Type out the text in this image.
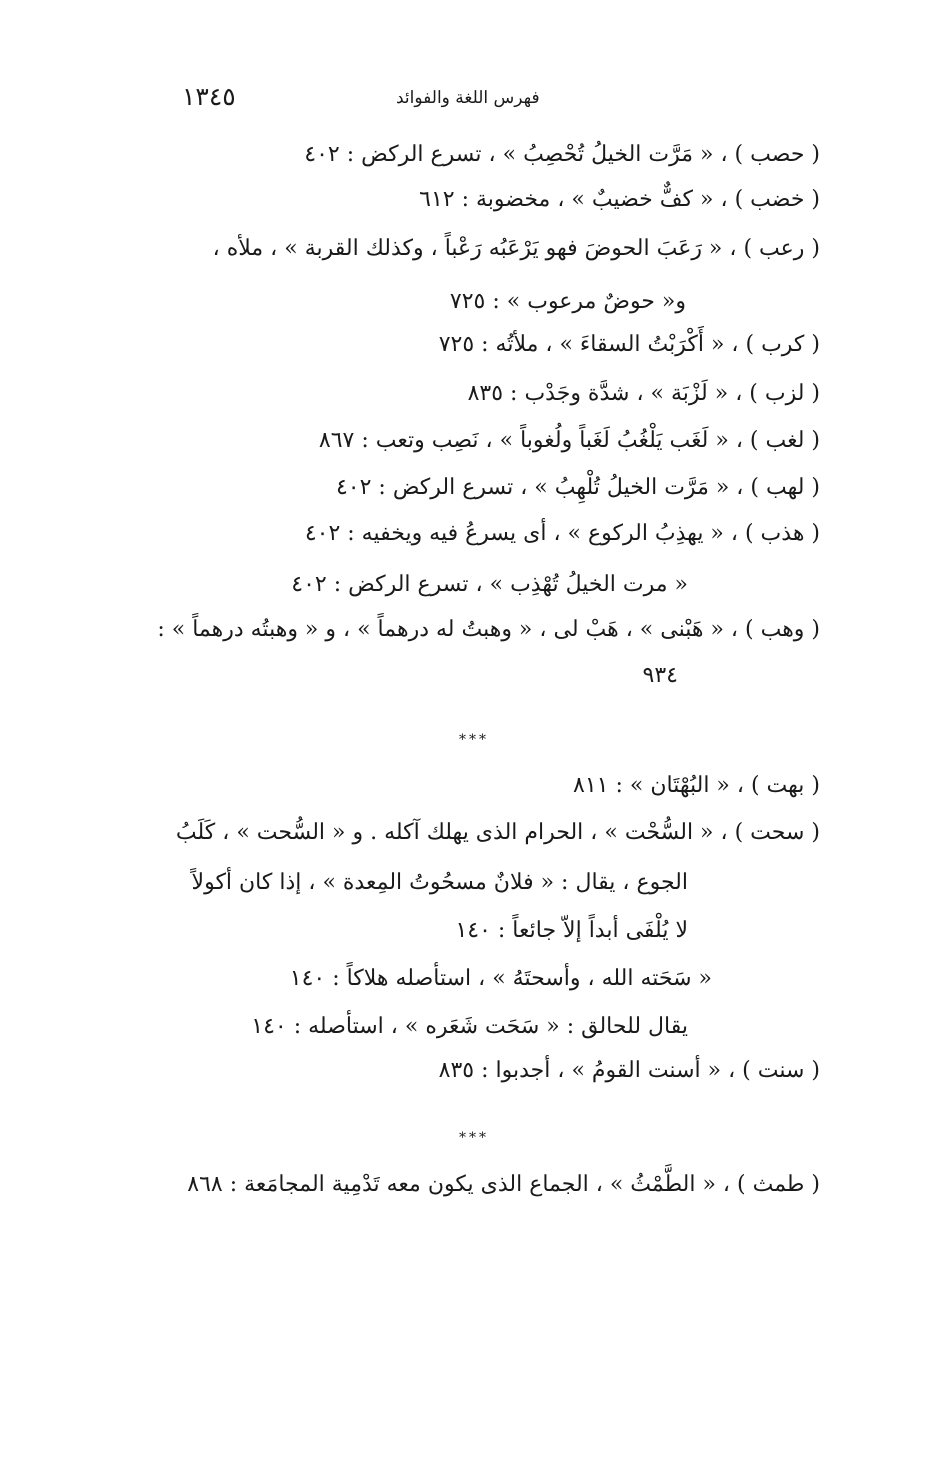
١٣٤٥	فهرس اللغة والفوائد
( حصب ) ، « مَرَّت الخيلُ تُحْصِبُ » ، تسرع الركض : ٤٠٢
( خضب ) ، « كفٌّ خضيبٌ » ، مخضوبة : ٦١٢
( رعب ) ، « رَعَبَ الحوضَ فهو يَرْعَبُه رَعْباً ، وكذلك القربة » ، ملأه ،
و« حوضٌ مرعوب » : ٧٢٥
( كرب ) ، « أَكْرَبْتُ السقاءَ » ، ملأتُه : ٧٢٥
( لزب ) ، « لَزْبَة » ، شدَّة وجَدْب : ٨٣٥
( لغب ) ، « لَغَب يَلْغُبُ لَغَباً ولُغوباً » ، نَصِب وتعب : ٨٦٧
( لهب ) ، « مَرَّت الخيلُ تُلْهِبُ » ، تسرع الركض : ٤٠٢
( هذب ) ، « يهذِبُ الركوع » ، أى يسرعُ فيه ويخفيه : ٤٠٢
« مرت الخيلُ تُهْذِب » ، تسرع الركض : ٤٠٢
( وهب ) ، « هَبْنى » ، هَبْ لى ، « وهبتُ له درهماً » ، و « وهبتُه درهماً » :
٩٣٤
***
( بهت ) ، « البُهْتَان » : ٨١١
( سحت ) ، « السُّحْت » ، الحرام الذى يهلك آكله . و « السُّحت » ، كَلَبُ
الجوع ، يقال : « فلانٌ مسحُوتُ المِعدة » ، إذا كان أكولاً
لا يُلْفَى أبداً إلاّ جائعاً : ١٤٠
« سَحَته الله ، وأسحتَهُ » ، استأصله هلاكاً : ١٤٠
يقال للحالق : « سَحَت شَعَره » ، استأصله : ١٤٠
( سنت ) ، « أسنت القومُ » ، أجدبوا : ٨٣٥
***
( طمث ) ، « الطَّمْثُ » ، الجماع الذى يكون معه تَدْمِية المجامَعة : ٨٦٨
